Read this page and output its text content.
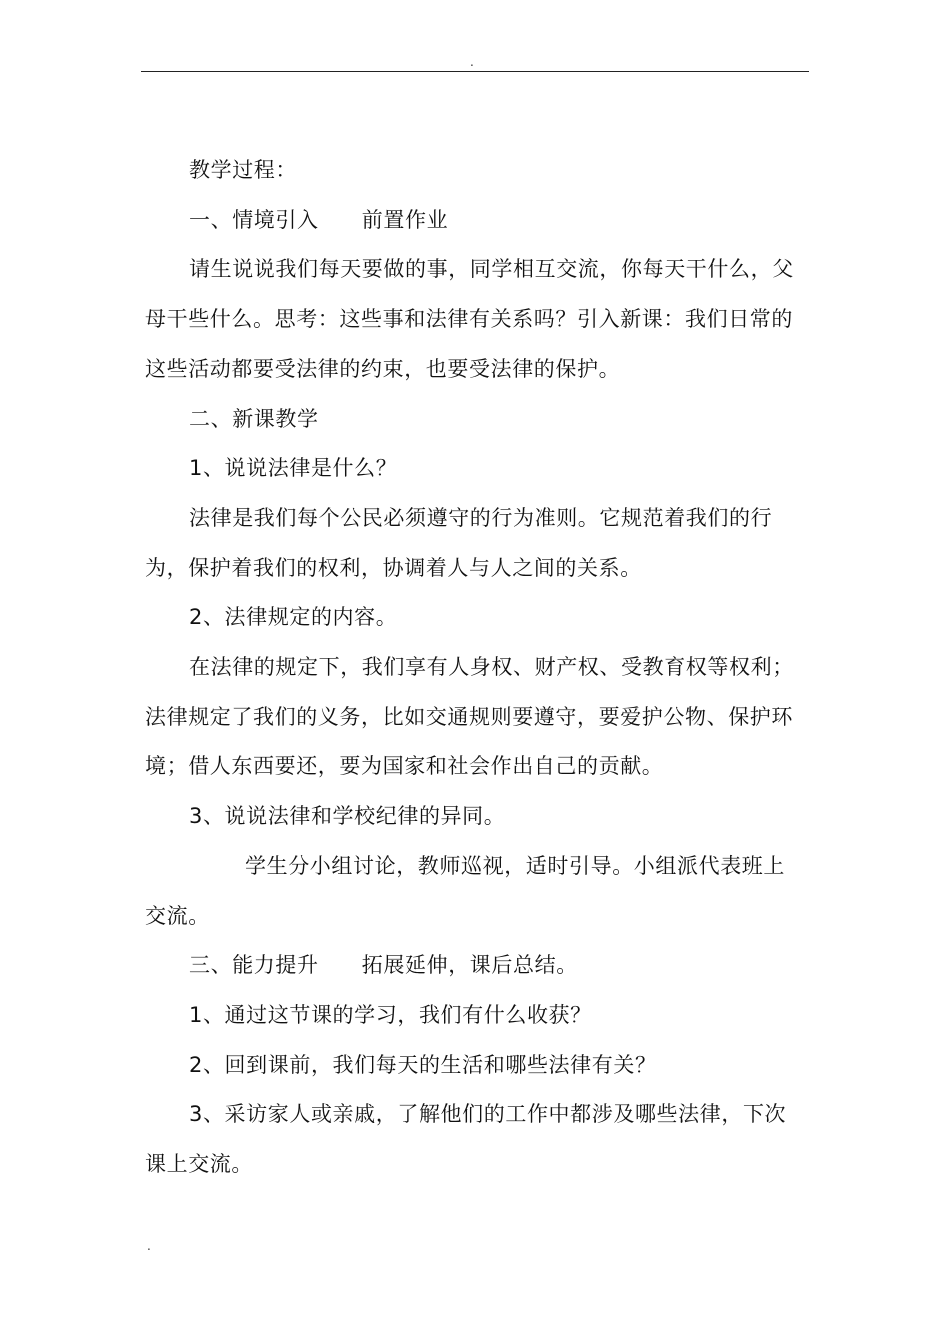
.

教学过程：

一、情境引入　　前置作业

请生说说我们每天要做的事，同学相互交流，你每天干什么，父母干些什么。思考：这些事和法律有关系吗？引入新课：我们日常的这些活动都要受法律的约束，也要受法律的保护。

二、新课教学

1、说说法律是什么？

法律是我们每个公民必须遵守的行为准则。它规范着我们的行为，保护着我们的权利，协调着人与人之间的关系。

2、法律规定的内容。

在法律的规定下，我们享有人身权、财产权、受教育权等权利；法律规定了我们的义务，比如交通规则要遵守，要爱护公物、保护环境；借人东西要还，要为国家和社会作出自己的贡献。

3、说说法律和学校纪律的异同。

学生分小组讨论，教师巡视，适时引导。小组派代表班上交流。

三、能力提升　　拓展延伸，课后总结。

1、通过这节课的学习，我们有什么收获？

2、回到课前，我们每天的生活和哪些法律有关？

3、采访家人或亲戚，了解他们的工作中都涉及哪些法律，下次课上交流。

.
